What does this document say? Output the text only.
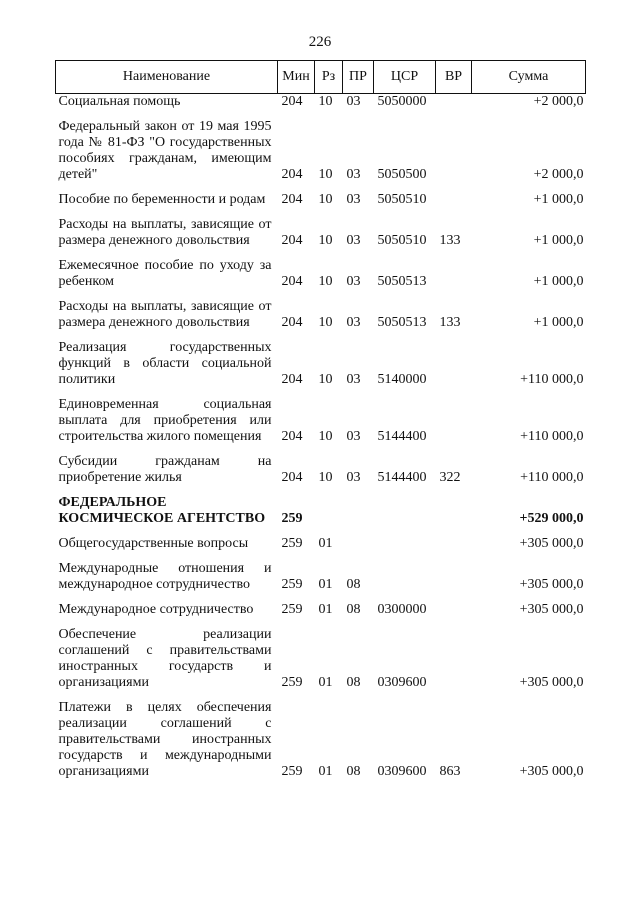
226
Наименование	Мин	Рз	ПР	ЦСР	ВР	Сумма
Социальная помощь	204	10	03	5050000		+2 000,0
Федеральный закон от 19 мая 1995 года № 81-ФЗ "О государственных пособиях гражданам, имеющим детей"	204	10	03	5050500		+2 000,0
Пособие по беременности и родам	204	10	03	5050510		+1 000,0
Расходы на выплаты, зависящие от размера денежного довольствия	204	10	03	5050510	133	+1 000,0
Ежемесячное пособие по уходу за ребенком	204	10	03	5050513		+1 000,0
Расходы на выплаты, зависящие от размера денежного довольствия	204	10	03	5050513	133	+1 000,0
Реализация государственных функций в области социальной политики	204	10	03	5140000		+110 000,0
Единовременная социальная выплата для приобретения или строительства жилого помещения	204	10	03	5144400		+110 000,0
Субсидии гражданам на приобретение жилья	204	10	03	5144400	322	+110 000,0
ФЕДЕРАЛЬНОЕ КОСМИЧЕСКОЕ АГЕНТСТВО	259					+529 000,0
Общегосударственные вопросы	259	01				+305 000,0
Международные отношения и международное сотрудничество	259	01	08			+305 000,0
Международное сотрудничество	259	01	08	0300000		+305 000,0
Обеспечение реализации соглашений с правительствами иностранных государств и организациями	259	01	08	0309600		+305 000,0
Платежи в целях обеспечения реализации соглашений с правительствами иностранных государств и международными организациями	259	01	08	0309600	863	+305 000,0
